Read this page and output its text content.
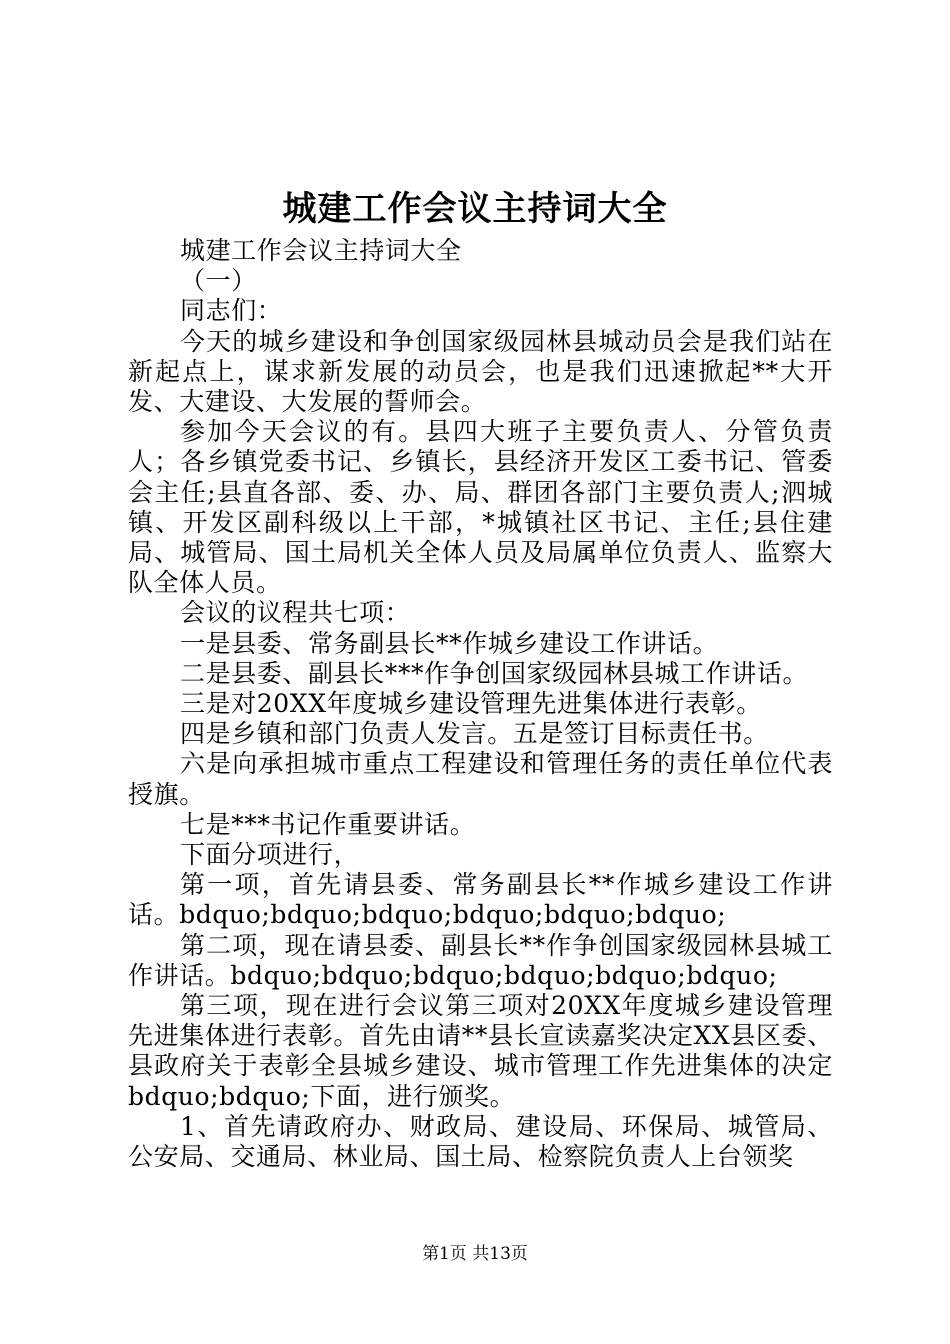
城建工作会议主持词大全

城建工作会议主持词大全

（一）

同志们：

今天的城乡建设和争创国家级园林县城动员会是我们站在新起点上，谋求新发展的动员会，也是我们迅速掀起**大开发、大建设、大发展的誓师会。

参加今天会议的有。县四大班子主要负责人、分管负责人；各乡镇党委书记、乡镇长，县经济开发区工委书记、管委会主任;县直各部、委、办、局、群团各部门主要负责人;泗城镇、开发区副科级以上干部，*城镇社区书记、主任;县住建局、城管局、国土局机关全体人员及局属单位负责人、监察大队全体人员。

会议的议程共七项：

一是县委、常务副县长**作城乡建设工作讲话。

二是县委、副县长***作争创国家级园林县城工作讲话。

三是对20XX年度城乡建设管理先进集体进行表彰。

四是乡镇和部门负责人发言。五是签订目标责任书。

六是向承担城市重点工程建设和管理任务的责任单位代表授旗。

七是***书记作重要讲话。

下面分项进行，

第一项，首先请县委、常务副县长**作城乡建设工作讲话。bdquo;bdquo;bdquo;bdquo;bdquo;bdquo;

第二项，现在请县委、副县长**作争创国家级园林县城工作讲话。bdquo;bdquo;bdquo;bdquo;bdquo;bdquo;

第三项，现在进行会议第三项对20XX年度城乡建设管理先进集体进行表彰。首先由请**县长宣读嘉奖决定XX县区委、县政府关于表彰全县城乡建设、城市管理工作先进集体的决定bdquo;bdquo;下面，进行颁奖。

1、首先请政府办、财政局、建设局、环保局、城管局、公安局、交通局、林业局、国土局、检察院负责人上台领奖

第1页 共13页
